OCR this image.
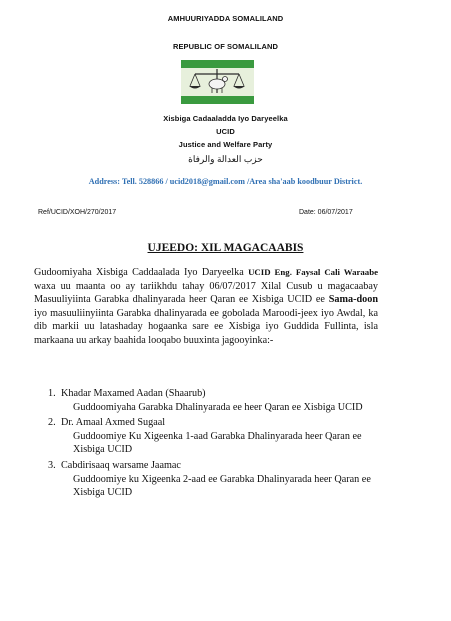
AMHUURIYADDA SOMALILAND
REPUBLIC OF SOMALILAND
Xisbiga Cadaaladda Iyo Daryeelka
UCID
Justice and Welfare Party
حزب العدالة والرفاة
Address: Tell. 528866 / ucid2018@gmail.com /Area sha'aab koodbuur District.
Ref/UCID/XOH/270/2017	Date: 06/07/2017
UJEEDO: XIL MAGACAABIS
Gudoomiyaha Xisbiga Caddaalada Iyo Daryeelka UCID Eng. Faysal Cali Waraabe waxa uu maanta oo ay tariikhdu tahay 06/07/2017 Xilal Cusub u magacaabay Masuuliyiinta Garabka dhalinyarada heer Qaran ee Xisbiga UCID ee Sama-doon iyo masuuliinyiinta Garabka dhalinyarada ee gobolada Maroodi-jeex iyo Awdal, ka dib markii uu latashaday hogaanka sare ee Xisbiga iyo Guddida Fullinta, isla markaana uu arkay baahida looqabo buuxinta jagooyinka:-
1. Khadar Maxamed Aadan (Shaarub)
Guddoomiyaha Garabka Dhalinyarada ee heer Qaran ee Xisbiga UCID
2. Dr. Amaal Axmed Sugaal
Guddoomiye Ku Xigeenka 1-aad Garabka Dhalinyarada heer Qaran ee Xisbiga UCID
3. Cabdirisaaq warsame Jaamac
Guddoomiye ku Xigeenka 2-aad ee Garabka Dhalinyarada heer Qaran ee Xisbiga UCID
